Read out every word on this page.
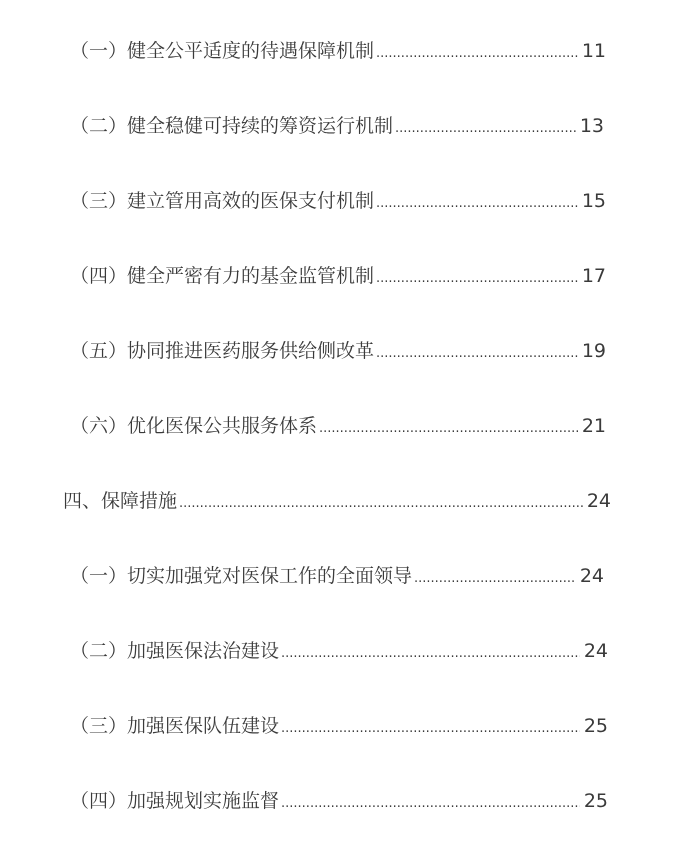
（一）健全公平适度的待遇保障机制 .....	11
（二）健全稳健可持续的筹资运行机制 .....	13
（三）建立管用高效的医保支付机制 .....	15
（四）健全严密有力的基金监管机制 .....	17
（五）协同推进医药服务供给侧改革 .....	19
（六）优化医保公共服务体系 .....	21
四、保障措施 .....	24
（一）切实加强党对医保工作的全面领导 .....	24
（二）加强医保法治建设 .....	24
（三）加强医保队伍建设 .....	25
（四）加强规划实施监督 .....	25
